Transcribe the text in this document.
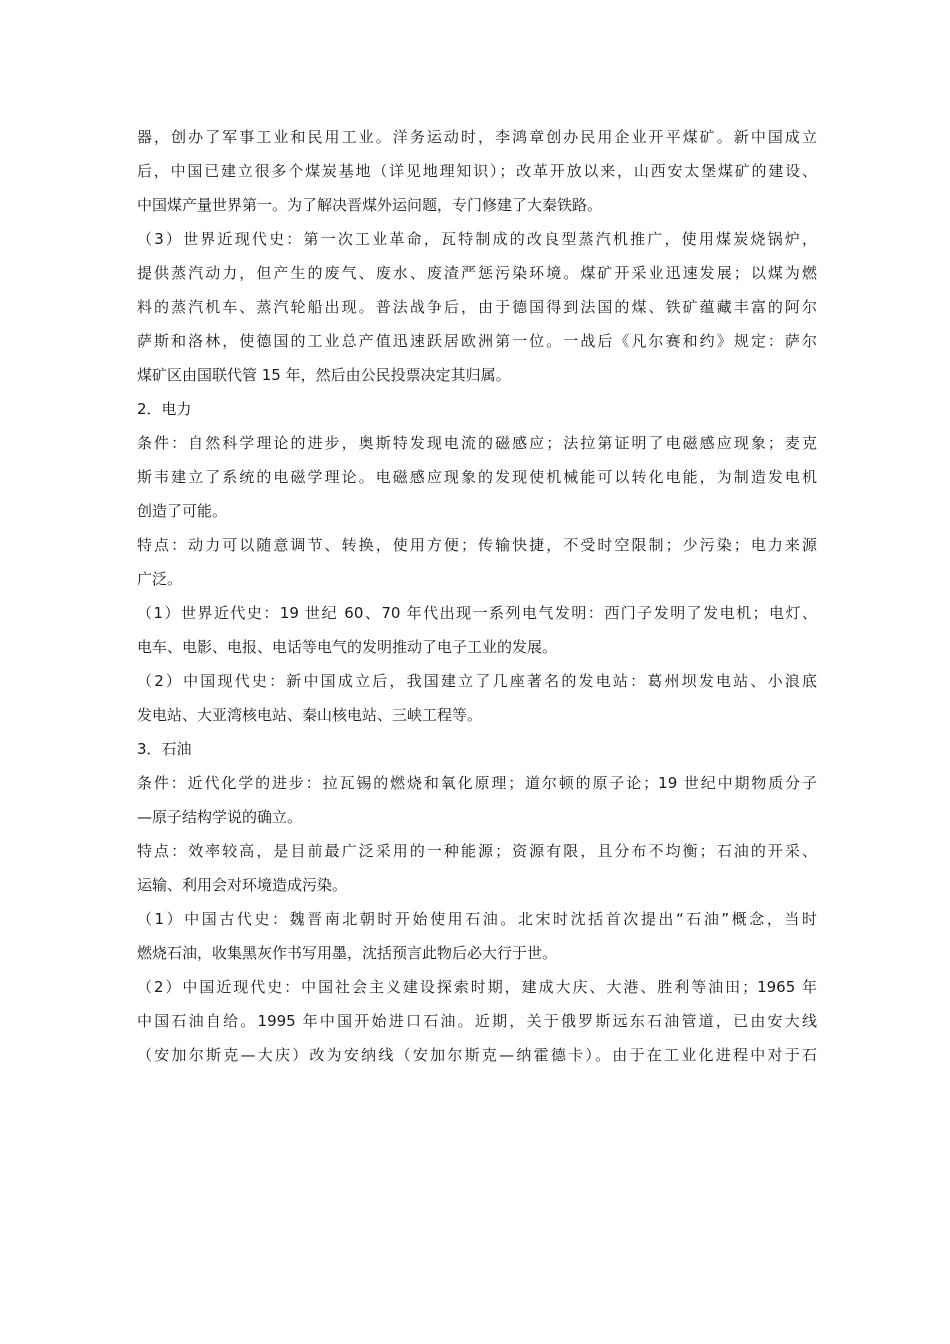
器，创办了军事工业和民用工业。洋务运动时，李鸿章创办民用企业开平煤矿。新中国成立
后，中国已建立很多个煤炭基地（详见地理知识）；改革开放以来，山西安太堡煤矿的建设、
中国煤产量世界第一。为了解决晋煤外运问题，专门修建了大秦铁路。
（3）世界近现代史：第一次工业革命，瓦特制成的改良型蒸汽机推广，使用煤炭烧锅炉，
提供蒸汽动力，但产生的废气、废水、废渣严惩污染环境。煤矿开采业迅速发展；以煤为燃
料的蒸汽机车、蒸汽轮船出现。普法战争后，由于德国得到法国的煤、铁矿蕴藏丰富的阿尔
萨斯和洛林，使德国的工业总产值迅速跃居欧洲第一位。一战后《凡尔赛和约》规定：萨尔
煤矿区由国联代管 15 年，然后由公民投票决定其归属。
2．电力
条件：自然科学理论的进步，奥斯特发现电流的磁感应；法拉第证明了电磁感应现象；麦克
斯韦建立了系统的电磁学理论。电磁感应现象的发现使机械能可以转化电能，为制造发电机
创造了可能。
特点：动力可以随意调节、转换，使用方便；传输快捷，不受时空限制；少污染；电力来源
广泛。
（1）世界近代史：19 世纪 60、70 年代出现一系列电气发明：西门子发明了发电机；电灯、
电车、电影、电报、电话等电气的发明推动了电子工业的发展。
（2）中国现代史：新中国成立后，我国建立了几座著名的发电站：葛州坝发电站、小浪底
发电站、大亚湾核电站、秦山核电站、三峡工程等。
3．石油
条件：近代化学的进步：拉瓦锡的燃烧和氧化原理；道尔顿的原子论；19 世纪中期物质分子
—原子结构学说的确立。
特点：效率较高，是目前最广泛采用的一种能源；资源有限，且分布不均衡；石油的开采、
运输、利用会对环境造成污染。
（1）中国古代史：魏晋南北朝时开始使用石油。北宋时沈括首次提出“石油”概念，当时
燃烧石油，收集黑灰作书写用墨，沈括预言此物后必大行于世。
（2）中国近现代史：中国社会主义建设探索时期，建成大庆、大港、胜利等油田；1965 年
中国石油自给。1995 年中国开始进口石油。近期，关于俄罗斯远东石油管道，已由安大线
（安加尔斯克—大庆）改为安纳线（安加尔斯克—纳霍德卡）。由于在工业化进程中对于石
